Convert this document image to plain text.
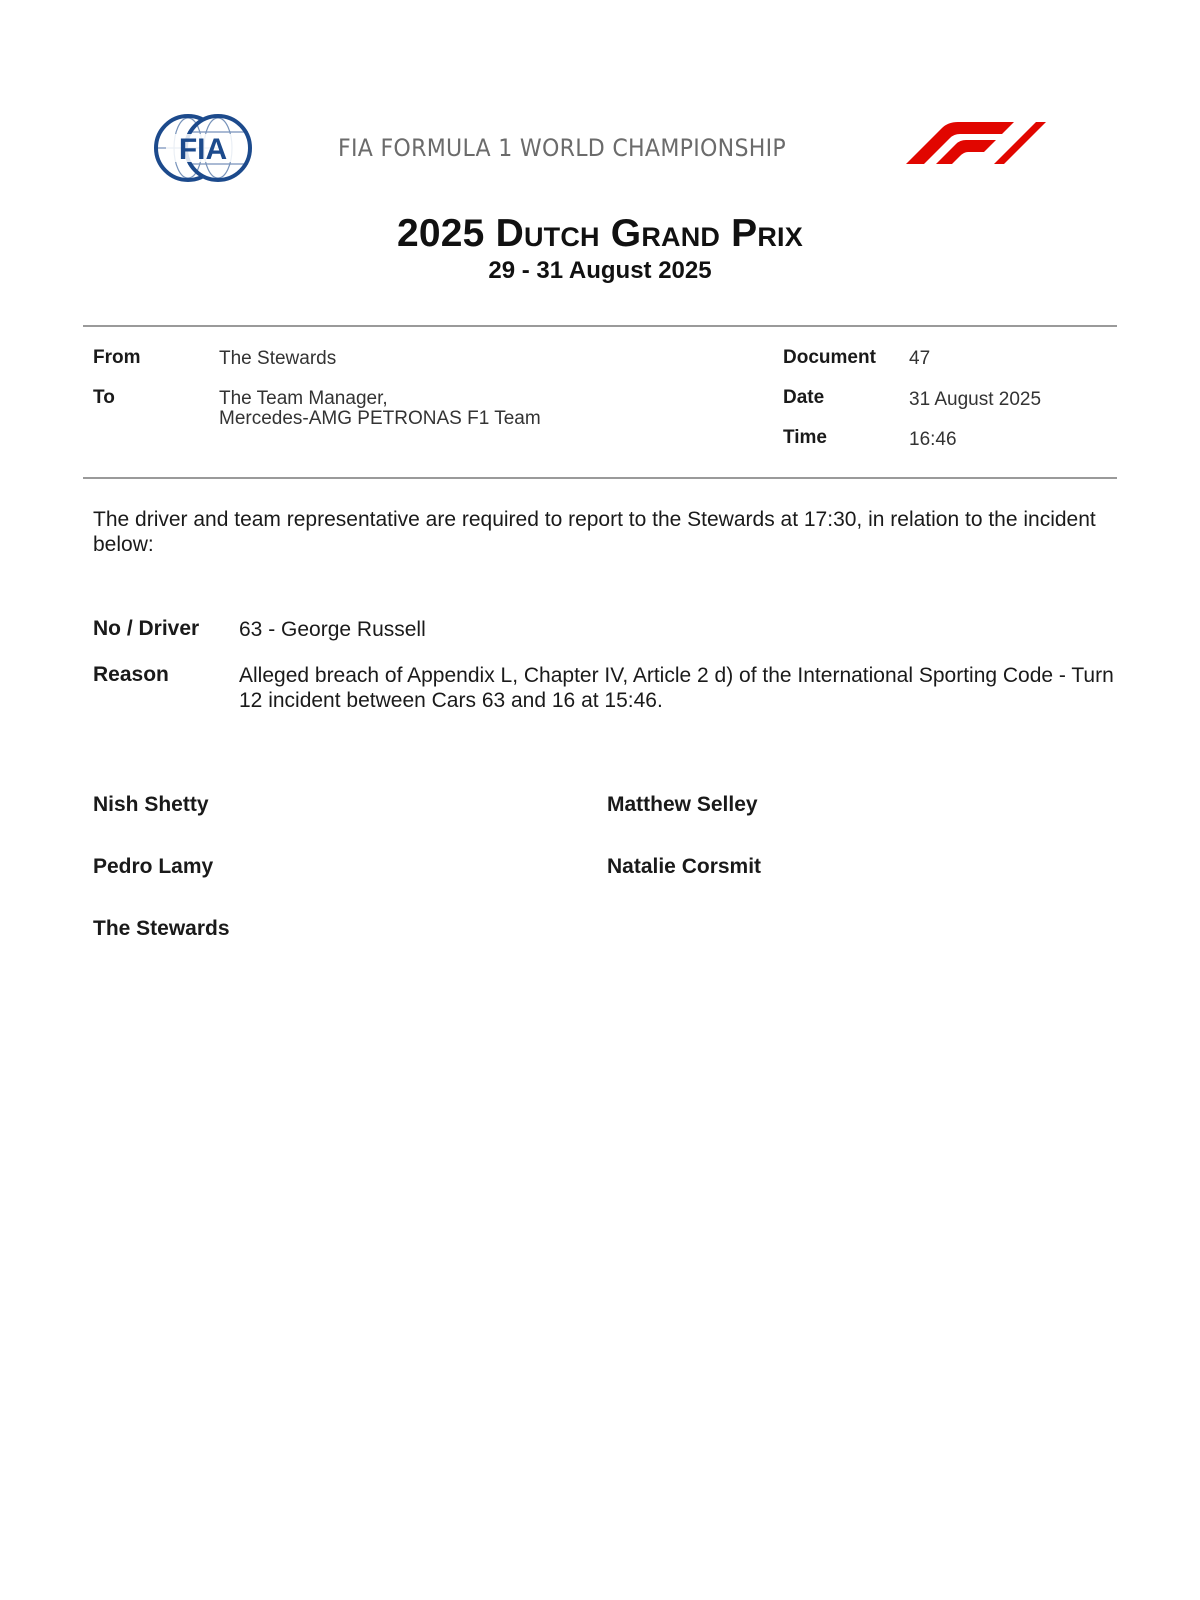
FIA	FIA FORMULA 1 WORLD CHAMPIONSHIP
2025 Dutch Grand Prix
29 - 31 August 2025
From	The Stewards
To	The Team Manager,
Mercedes-AMG PETRONAS F1 Team
Document 47
Date	31 August 2025
Time	16:46
The driver and team representative are required to report to the Stewards at 17:30, in relation to the incident below:
No / Driver 63 - George Russell
Reason	Alleged breach of Appendix L, Chapter IV, Article 2 d) of the International Sporting Code - Turn 12 incident between Cars 63 and 16 at 15:46.
Nish Shetty	Matthew Selley
Pedro Lamy	Natalie Corsmit
The Stewards
